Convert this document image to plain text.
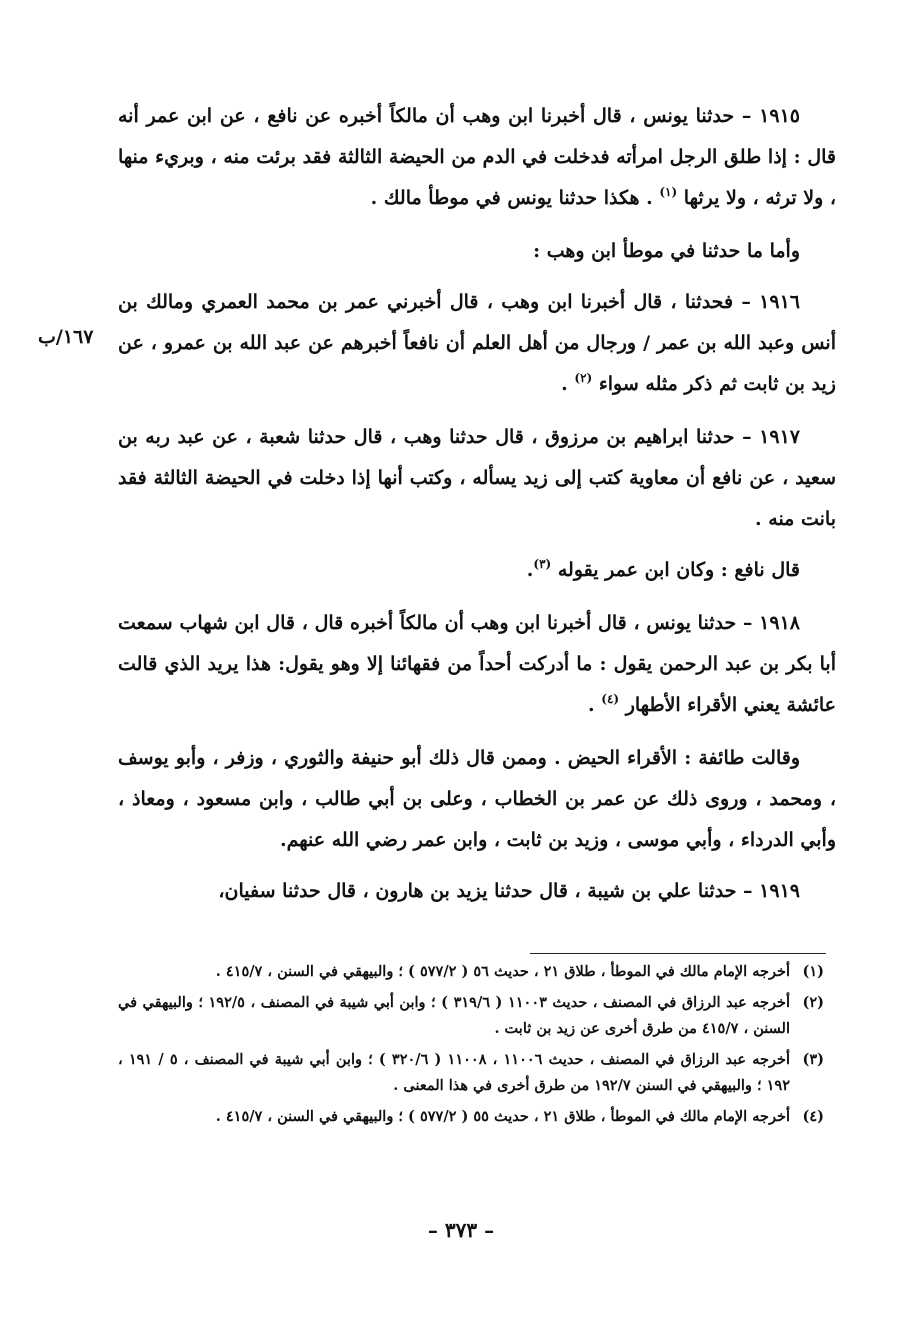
١٩١٥ – حدثنا يونس ، قال أخبرنا ابن وهب أن مالكاً أخبره عن نافع ، عن ابن عمر أنه قال : إذا طلق الرجل امرأته فدخلت في الدم من الحيضة الثالثة فقد برئت منه ، وبريء منها ، ولا ترثه ، ولا يرثها $^{(١)}$ . هكذا حدثنا يونس في موطأ مالك .

وأما ما حدثنا في موطأ ابن وهب :

١٩١٦ – فحدثنا ، قال أخبرنا ابن وهب ، قال أخبرني عمر بن محمد العمري ومالك بن أنس وعبد الله بن عمر / ورجال من أهل العلم أن نافعاً أخبرهم عن عبد الله بن عمرو ، عن زيد بن ثابت ثم ذكر مثله سواء $^{(٢)}$ .

١٩١٧ – حدثنا ابراهيم بن مرزوق ، قال حدثنا وهب ، قال حدثنا شعبة ، عن عبد ربه بن سعيد ، عن نافع أن معاوية كتب إلى زيد يسأله ، وكتب أنها إذا دخلت في الحيضة الثالثة فقد بانت منه .

قال نافع : وكان ابن عمر يقوله $^{(٣)}$.

١٩١٨ – حدثنا يونس ، قال أخبرنا ابن وهب أن مالكاً أخبره قال ، قال ابن شهاب سمعت أبا بكر بن عبد الرحمن يقول : ما أدركت أحداً من فقهائنا إلا وهو يقول: هذا يريد الذي قالت عائشة يعني الأقراء الأطهار $^{(٤)}$ .

وقالت طائفة : الأقراء الحيض . وممن قال ذلك أبو حنيفة والثوري ، وزفر ، وأبو يوسف ، ومحمد ، وروى ذلك عن عمر بن الخطاب ، وعلى بن أبي طالب ، وابن مسعود ، ومعاذ ، وأبي الدرداء ، وأبي موسى ، وزيد بن ثابت ، وابن عمر رضي الله عنهم.

١٩١٩ – حدثنا علي بن شيبة ، قال حدثنا يزيد بن هارون ، قال حدثنا سفيان،

١٦٧/ب
(١)
أخرجه الإمام مالك في الموطأ ، طلاق ٢١ ، حديث ٥٦ ( ٥٧٧/٢ ) ؛ والبيهقي في السنن ، ٤١٥/٧ .
(٢)
أخرجه عبد الرزاق في المصنف ، حديث ١١٠٠٣ ( ٣١٩/٦ ) ؛ وابن أبي شيبة في المصنف ، ١٩٢/٥ ؛ والبيهقي في السنن ، ٤١٥/٧ من طرق أخرى عن زيد بن ثابت .
(٣)
أخرجه عبد الرزاق في المصنف ، حديث ١١٠٠٦ ، ١١٠٠٨ ( ٣٢٠/٦ ) ؛ وابن أبي شيبة في المصنف ، ٥ / ١٩١ ، ١٩٢ ؛ والبيهقي في السنن ١٩٢/٧ من طرق أخرى في هذا المعنى .
(٤)
أخرجه الإمام مالك في الموطأ ، طلاق ٢١ ، حديث ٥٥ ( ٥٧٧/٢ ) ؛ والبيهقي في السنن ، ٤١٥/٧ .
– ٣٧٣ –
